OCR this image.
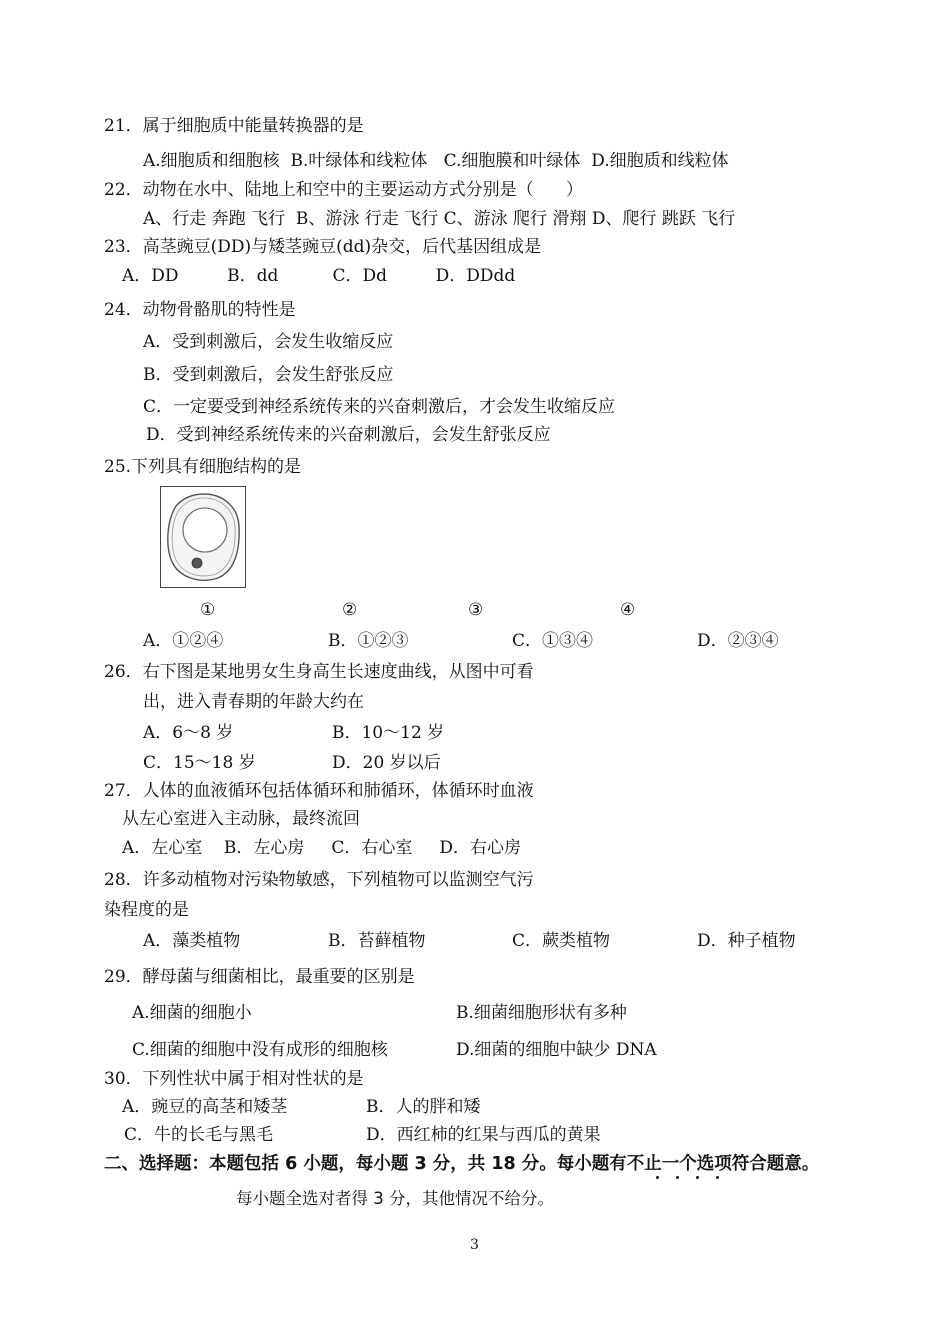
21．属于细胞质中能量转换器的是
A.细胞质和细胞核  B.叶绿体和线粒体   C.细胞膜和叶绿体  D.细胞质和线粒体
22．动物在水中、陆地上和空中的主要运动方式分别是（      ）
A、行走 奔跑 飞行  B、游泳 行走 飞行 C、游泳 爬行 滑翔 D、爬行 跳跃 飞行
23．高茎豌豆(DD)与矮茎豌豆(dd)杂交，后代基因组成是
A．DD         B．dd          C．Dd         D．DDdd
24．动物骨骼肌的特性是
A．受到刺激后，会发生收缩反应
B．受到刺激后，会发生舒张反应
C．一定要受到神经系统传来的兴奋刺激后，才会发生收缩反应
D．受到神经系统传来的兴奋刺激后，会发生舒张反应
25.下列具有细胞结构的是
①	②	③	④
A．①②④	B．①②③	C．①③④	D．②③④
26．右下图是某地男女生身高生长速度曲线，从图中可看
出，进入青春期的年龄大约在
A．6～8 岁	B．10～12 岁
C．15～18 岁	D．20 岁以后
27．人体的血液循环包括体循环和肺循环，体循环时血液
从左心室进入主动脉，最终流回
A．左心室    B．左心房     C．右心室     D．右心房
28．许多动植物对污染物敏感，下列植物可以监测空气污
染程度的是
A．藻类植物	B．苔藓植物	C．蕨类植物	D．种子植物
29．酵母菌与细菌相比，最重要的区别是
A.细菌的细胞小	B.细菌细胞形状有多种
C.细菌的细胞中没有成形的细胞核	D.细菌的细胞中缺少 DNA
30．下列性状中属于相对性状的是
A．豌豆的高茎和矮茎	B．人的胖和矮
C．牛的长毛与黑毛	D．西红柿的红果与西瓜的黄果
二、选择题：本题包括 6 小题，每小题 3 分，共 18 分。每小题有不止一个选项符合题意。
每小题全选对者得 3 分，其他情况不给分。
3
